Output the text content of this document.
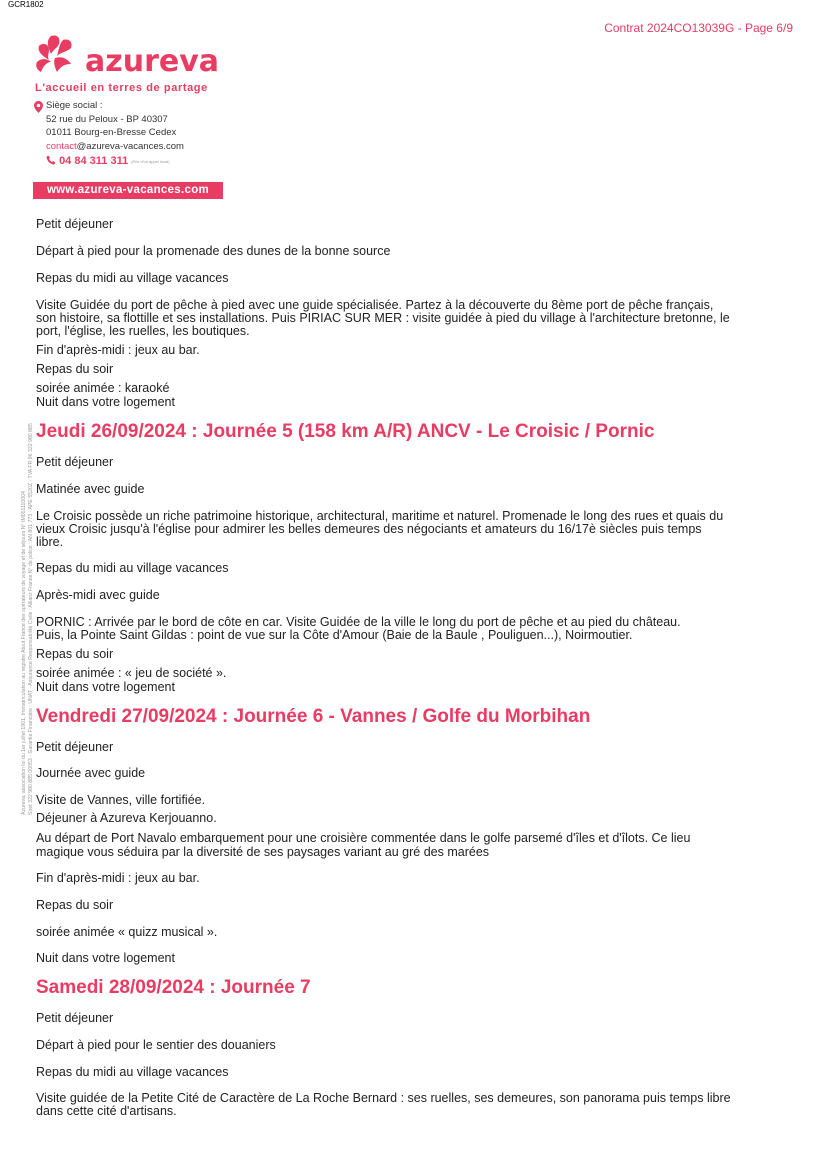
GCR1802
Contrat 2024CO13039G - Page 6/9
azureva
L'accueil en terres de partage
Siège social :
52 rue du Peloux - BP 40307
01011 Bourg-en-Bresse Cedex
contact@azureva-vacances.com
04 84 311 311 (Prix d'un appel local)
www.azureva-vacances.com
Azureva, association loi du 1er juillet 1901, Immatriculation au registre Atout France des opérateurs de voyage et de séjours N° IM001110004 Siret 322 980 885 00053 - Garantie Financière : UNAT - Assurance Responsabilité Civile : Allianz France N° de police : AN 801 773 - APE 5520Z - TVA FR 96 322 980 885
Petit déjeuner
Départ à pied pour la promenade des dunes de la bonne source
Repas du midi au village vacances
Visite Guidée du port de pêche à pied avec une guide spécialisée. Partez à la découverte du 8ème port de pêche français,
son histoire, sa flottille et ses installations. Puis PIRIAC SUR MER : visite guidée à pied du village à l'architecture bretonne, le
port, l'église, les ruelles, les boutiques.
Fin d'après-midi : jeux au bar.
Repas du soir
soirée animée : karaoké
Nuit dans votre logement
Jeudi 26/09/2024 : Journée 5 (158 km A/R) ANCV - Le Croisic / Pornic
Petit déjeuner
Matinée avec guide
Le Croisic possède un riche patrimoine historique, architectural, maritime et naturel. Promenade le long des rues et quais du
vieux Croisic jusqu'à l'église pour admirer les belles demeures des négociants et amateurs du 16/17è siècles puis temps
libre.
Repas du midi au village vacances
Après-midi avec guide
PORNIC : Arrivée par le bord de côte en car. Visite Guidée de la ville le long du port de pêche et au pied du château.
Puis, la Pointe Saint Gildas : point de vue sur la Côte d'Amour (Baie de la Baule , Pouliguen...), Noirmoutier.
Repas du soir
soirée animée : « jeu de société ».
Nuit dans votre logement
Vendredi 27/09/2024 : Journée 6 - Vannes / Golfe du Morbihan
Petit déjeuner
Journée avec guide
Visite de Vannes, ville fortifiée.
Déjeuner à Azureva Kerjouanno.
Au départ de Port Navalo embarquement pour une croisière commentée dans le golfe parsemé d'îles et d'îlots. Ce lieu
magique vous séduira par la diversité de ses paysages variant au gré des marées
Fin d'après-midi : jeux au bar.
Repas du soir
soirée animée « quizz musical ».
Nuit dans votre logement
Samedi 28/09/2024 : Journée 7
Petit déjeuner
Départ à pied pour le sentier des douaniers
Repas du midi au village vacances
Visite guidée de la Petite Cité de Caractère de La Roche Bernard : ses ruelles, ses demeures, son panorama puis temps libre
dans cette cité d'artisans.
